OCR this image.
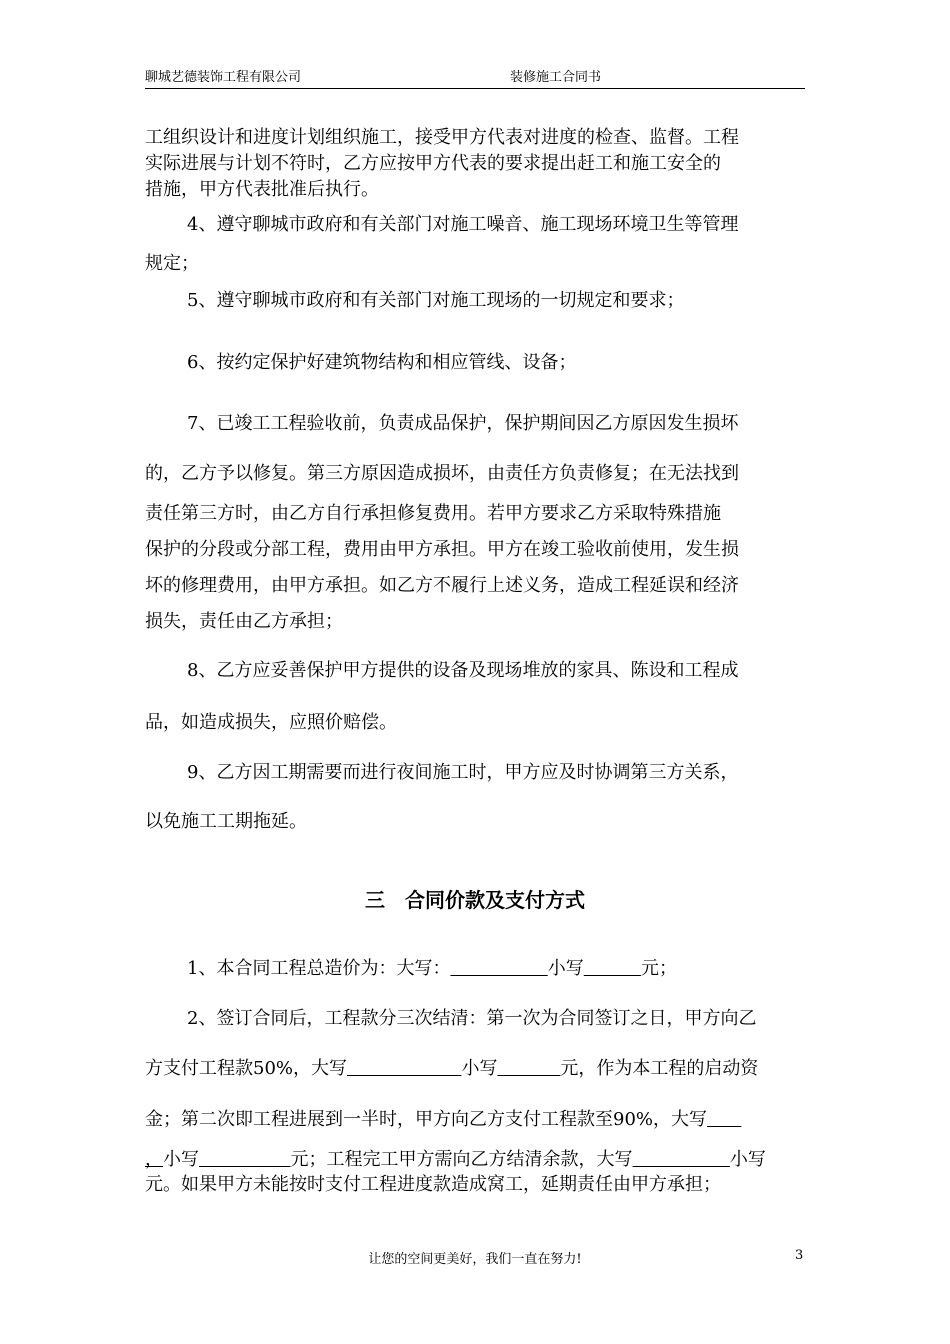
聊城艺德装饰工程有限公司	装修施工合同书
工组织设计和进度计划组织施工，接受甲方代表对进度的检查、监督。工程
实际进展与计划不符时，乙方应按甲方代表的要求提出赶工和施工安全的
措施，甲方代表批准后执行。
4、遵守聊城市政府和有关部门对施工噪音、施工现场环境卫生等管理
规定；
5、遵守聊城市政府和有关部门对施工现场的一切规定和要求；
6、按约定保护好建筑物结构和相应管线、设备；
7、已竣工工程验收前，负责成品保护，保护期间因乙方原因发生损坏
的，乙方予以修复。第三方原因造成损坏，由责任方负责修复；在无法找到
责任第三方时，由乙方自行承担修复费用。若甲方要求乙方采取特殊措施
保护的分段或分部工程，费用由甲方承担。甲方在竣工验收前使用，发生损
坏的修理费用，由甲方承担。如乙方不履行上述义务，造成工程延误和经济
损失，责任由乙方承担；
8、乙方应妥善保护甲方提供的设备及现场堆放的家具、陈设和工程成
品，如造成损失，应照价赔偿。
9、乙方因工期需要而进行夜间施工时，甲方应及时协调第三方关系，
以免施工工期拖延。
三　合同价款及支付方式
1、本合同工程总造价为：大写：	小写	元；
2、签订合同后，工程款分三次结清：第一次为合同签订之日，甲方向乙
方支付工程款50%，大写	小写	元，作为本工程的启动资
金；第二次即工程进展到一半时，甲方向乙方支付工程款至90%，大写
，小写	元；工程完工甲方需向乙方结清余款，大写	小写
元。如果甲方未能按时支付工程进度款造成窝工，延期责任由甲方承担；
让您的空间更美好，我们一直在努力!	3
